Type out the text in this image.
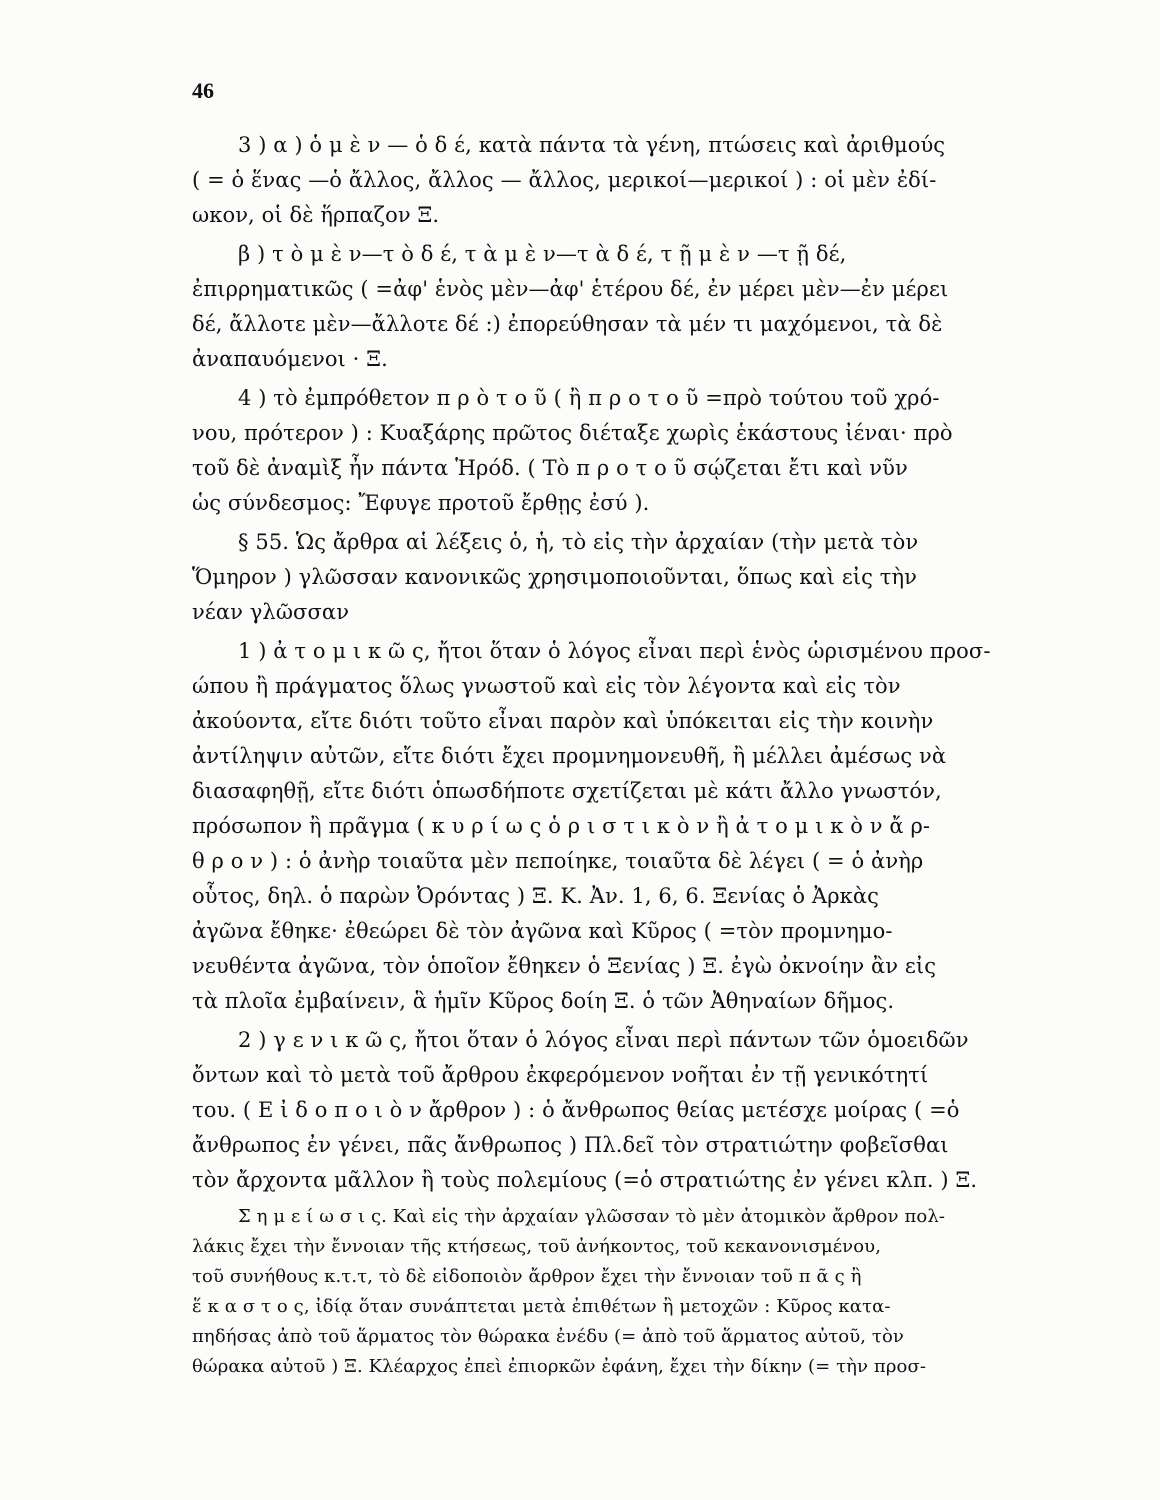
46
3 ) α ) ὁ μ ὲ ν — ὁ δ έ, κατὰ πάντα τὰ γένη, πτώσεις καὶ ἀριθμούς
( = ὁ ἕνας —ὁ ἄλλος, ἄλλος — ἄλλος, μερικοί—μερικοί ) : οἱ μὲν ἐδί-
ωκον, οἱ δὲ ἥρπαζον Ξ.
β ) τ ὸ μ ὲ ν—τ ὸ δ έ, τ ὰ μ ὲ ν—τ ὰ δ έ, τ ῇ μ ὲ ν —τ ῇ δέ,
ἐπιρρηματικῶς ( =ἀφ' ἑνὸς μὲν—ἀφ' ἑτέρου δέ, ἐν μέρει μὲν—ἐν μέρει
δέ, ἄλλοτε μὲν—ἄλλοτε δέ :) ἐπορεύθησαν τὰ μέν τι μαχόμενοι, τὰ δὲ
ἀναπαυόμενοι · Ξ.
4 ) τὸ ἐμπρόθετον π ρ ὸ τ ο ῦ ( ἢ π ρ ο τ ο ῦ =πρὸ τούτου τοῦ χρό-
νου, πρότερον ) : Κυαξάρης πρῶτος διέταξε χωρὶς ἑκάστους ἰέναι· πρὸ
τοῦ δὲ ἀναμὶξ ἦν πάντα Ἡρόδ. ( Τὸ π ρ ο τ ο ῦ σῴζεται ἔτι καὶ νῦν
ὡς σύνδεσμος: Ἔφυγε προτοῦ ἔρθῃς ἐσύ ).
§ 55. Ὡς ἄρθρα αἱ λέξεις ὁ, ἡ, τὸ εἰς τὴν ἀρχαίαν (τὴν μετὰ τὸν
Ὅμηρον ) γλῶσσαν κανονικῶς χρησιμοποιοῦνται, ὅπως καὶ εἰς τὴν
νέαν γλῶσσαν
1 ) ἀ τ ο μ ι κ ῶ ς, ἤτοι ὅταν ὁ λόγος εἶναι περὶ ἑνὸς ὡρισμένου προσ-
ώπου ἢ πράγματος ὅλως γνωστοῦ καὶ εἰς τὸν λέγοντα καὶ εἰς τὸν
ἀκούοντα, εἴτε διότι τοῦτο εἶναι παρὸν καὶ ὑπόκειται εἰς τὴν κοινὴν
ἀντίληψιν αὐτῶν, εἴτε διότι ἔχει προμνημονευθῆ, ἢ μέλλει ἀμέσως νὰ
διασαφηθῇ, εἴτε διότι ὁπωσδήποτε σχετίζεται μὲ κάτι ἄλλο γνωστόν,
πρόσωπον ἢ πρᾶγμα ( κ υ ρ ί ω ς ὁ ρ ι σ τ ι κ ὸ ν ἢ ἀ τ ο μ ι κ ὸ ν ἄ ρ-
θ ρ ο ν ) : ὁ ἀνὴρ τοιαῦτα μὲν πεποίηκε, τοιαῦτα δὲ λέγει ( = ὁ ἀνὴρ
οὗτος, δηλ. ὁ παρὼν Ὀρόντας ) Ξ. Κ. Ἀν. 1, 6, 6. Ξενίας ὁ Ἀρκὰς
ἀγῶνα ἔθηκε· ἐθεώρει δὲ τὸν ἀγῶνα καὶ Κῦρος ( =τὸν προμνημο-
νευθέντα ἀγῶνα, τὸν ὁποῖον ἔθηκεν ὁ Ξενίας ) Ξ. ἐγὼ ὀκνοίην ἂν εἰς
τὰ πλοῖα ἐμβαίνειν, ἃ ἡμῖν Κῦρος δοίη Ξ. ὁ τῶν Ἀθηναίων δῆμος.
2 ) γ ε ν ι κ ῶ ς, ἤτοι ὅταν ὁ λόγος εἶναι περὶ πάντων τῶν ὁμοειδῶν
ὄντων καὶ τὸ μετὰ τοῦ ἄρθρου ἐκφερόμενον νοῆται ἐν τῇ γενικότητί
του. ( Ε ἰ δ ο π ο ι ὸ ν ἄρθρον ) : ὁ ἄνθρωπος θείας μετέσχε μοίρας ( =ὁ
ἄνθρωπος ἐν γένει, πᾶς ἄνθρωπος ) Πλ.δεῖ τὸν στρατιώτην φοβεῖσθαι
τὸν ἄρχοντα μᾶλλον ἢ τοὺς πολεμίους (=ὁ στρατιώτης ἐν γένει κλπ. ) Ξ.
Σ η μ ε ί ω σ ι ς. Καὶ εἰς τὴν ἀρχαίαν γλῶσσαν τὸ μὲν ἀτομικὸν ἄρθρον πολ-
λάκις ἔχει τὴν ἔννοιαν τῆς κτήσεως, τοῦ ἀνήκοντος, τοῦ κεκανονισμένου,
τοῦ συνήθους κ.τ.τ, τὸ δὲ εἰδοποιὸν ἄρθρον ἔχει τὴν ἔννοιαν τοῦ π ᾶ ς ἢ
ἕ κ α σ τ ο ς, ἰδίᾳ ὅταν συνάπτεται μετὰ ἐπιθέτων ἢ μετοχῶν : Κῦρος κατα-
πηδήσας ἀπὸ τοῦ ἅρματος τὸν θώρακα ἐνέδυ (= ἀπὸ τοῦ ἅρματος αὐτοῦ, τὸν
θώρακα αὐτοῦ ) Ξ. Κλέαρχος ἐπεὶ ἐπιορκῶν ἐφάνη, ἔχει τὴν δίκην (= τὴν προσ-
